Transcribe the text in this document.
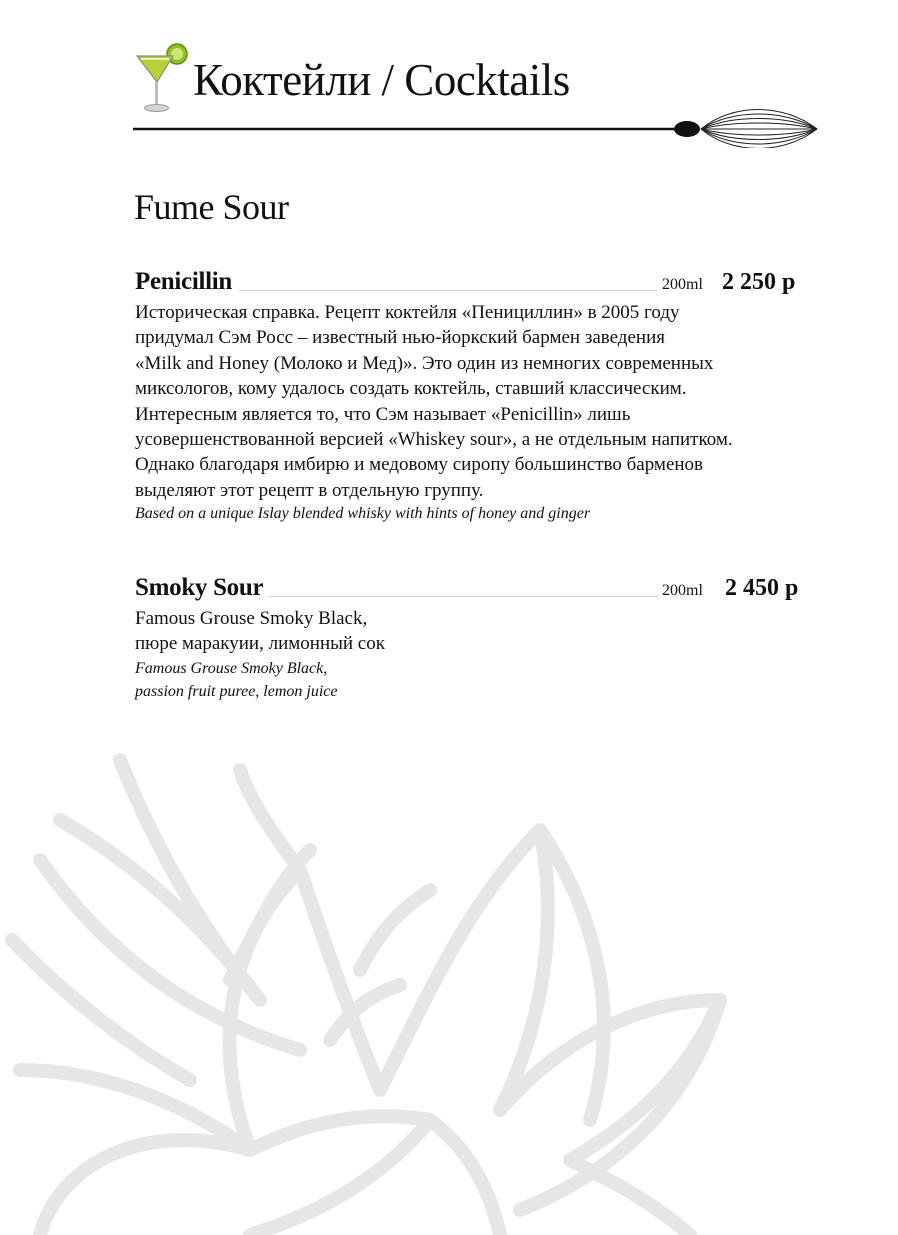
Коктейли / Cocktails
Fume Sour
Penicillin	200ml 2 250 р

Историческая справка. Рецепт коктейля «Пенициллин» в 2005 году

придумал Сэм Росс – известный нью-йоркский бармен заведения

«Milk and Honey (Молоко и Мед)». Это один из немногих современных

миксологов, кому удалось создать коктейль, ставший классическим.

Интересным является то, что Сэм называет «Penicillin» лишь

усовершенствованной версией «Whiskey sour», а не отдельным напитком.

Однако благодаря имбирю и медовому сиропу большинство барменов

выделяют этот рецепт в отдельную группу.

Based on a unique Islay blended whisky with hints of honey and ginger

Smoky Sour	200ml 2 450 р

Famous Grouse Smoky Black,

пюре маракуии, лимонный сок

Famous Grouse Smoky Black,

passion fruit puree, lemon juice
